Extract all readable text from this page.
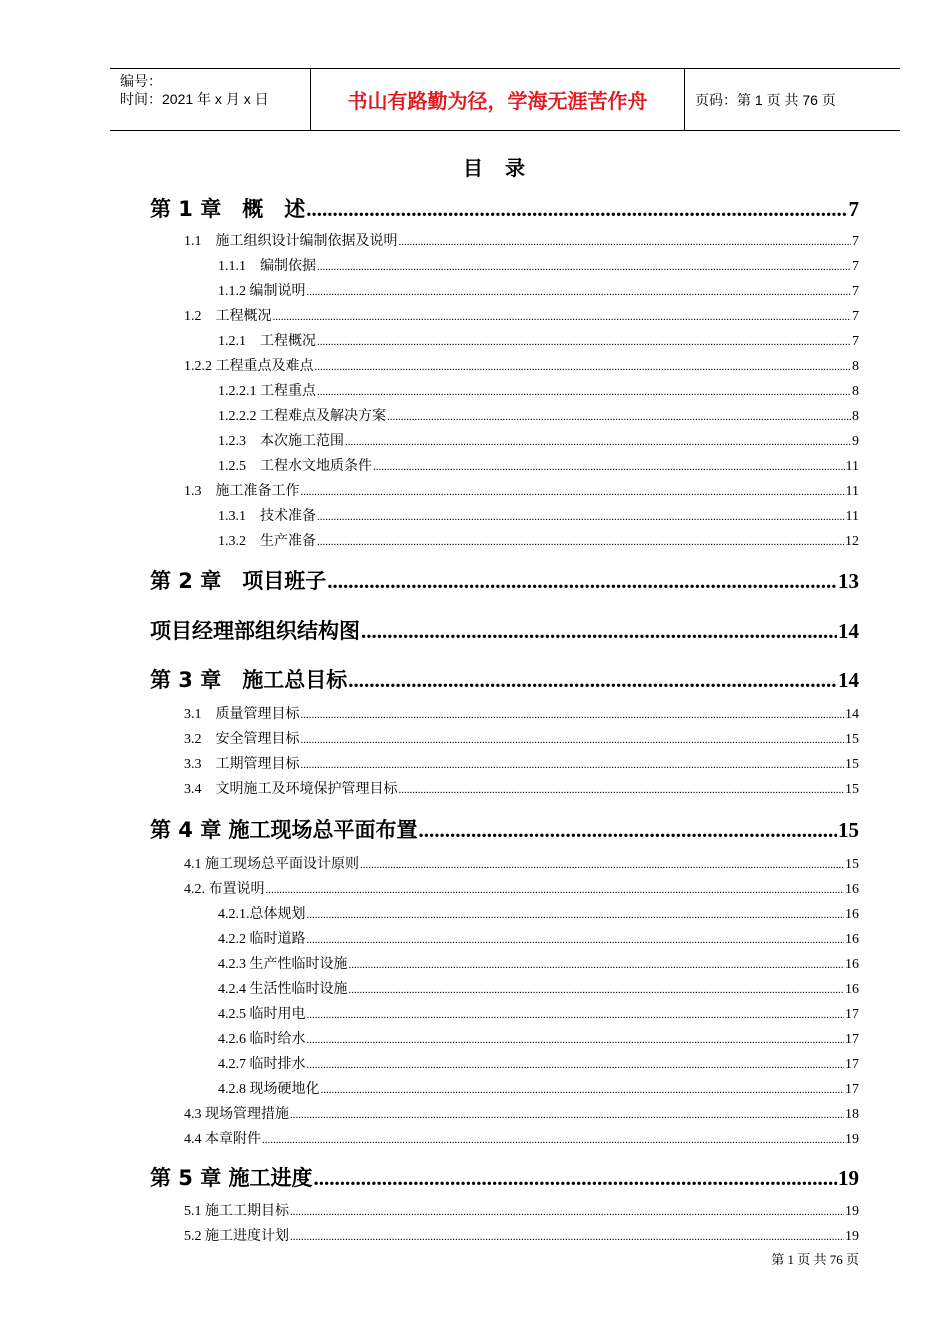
编号：
时间：2021 年 x 月 x 日	书山有路勤为径，学海无涯苦作舟	页码：第 1 页 共 76 页
目录
第 1 章　概　述 .....	7
1.1　施工组织设计编制依据及说明 .....	7
1.1.1　编制依据 .....	7
1.1.2 编制说明 .....	7
1.2　工程概况 .....	7
1.2.1　工程概况 .....	7
1.2.2 工程重点及难点 .....	8
1.2.2.1 工程重点 .....	8
1.2.2.2 工程难点及解决方案 .....	8
1.2.3　本次施工范围 .....	9
1.2.5　工程水文地质条件 .....	11
1.3　施工准备工作 .....	11
1.3.1　技术准备 .....	11
1.3.2　生产准备 .....	12
第 2 章　项目班子 .....	13
项目经理部组织结构图 .....	14
第 3 章　施工总目标 .....	14
3.1　质量管理目标 .....	14
3.2　安全管理目标 .....	15
3.3　工期管理目标 .....	15
3.4　文明施工及环境保护管理目标 .....	15
第 4 章 施工现场总平面布置 .....	15
4.1 施工现场总平面设计原则 .....	15
4.2. 布置说明 .....	16
4.2.1.总体规划 .....	16
4.2.2 临时道路 .....	16
4.2.3 生产性临时设施 .....	16
4.2.4 生活性临时设施 .....	16
4.2.5 临时用电 .....	17
4.2.6 临时给水 .....	17
4.2.7 临时排水 .....	17
4.2.8 现场硬地化 .....	17
4.3 现场管理措施 .....	18
4.4 本章附件 .....	19
第 5 章 施工进度 .....	19
5.1 施工工期目标 .....	19
5.2 施工进度计划 .....	19
第 1 页 共 76 页
